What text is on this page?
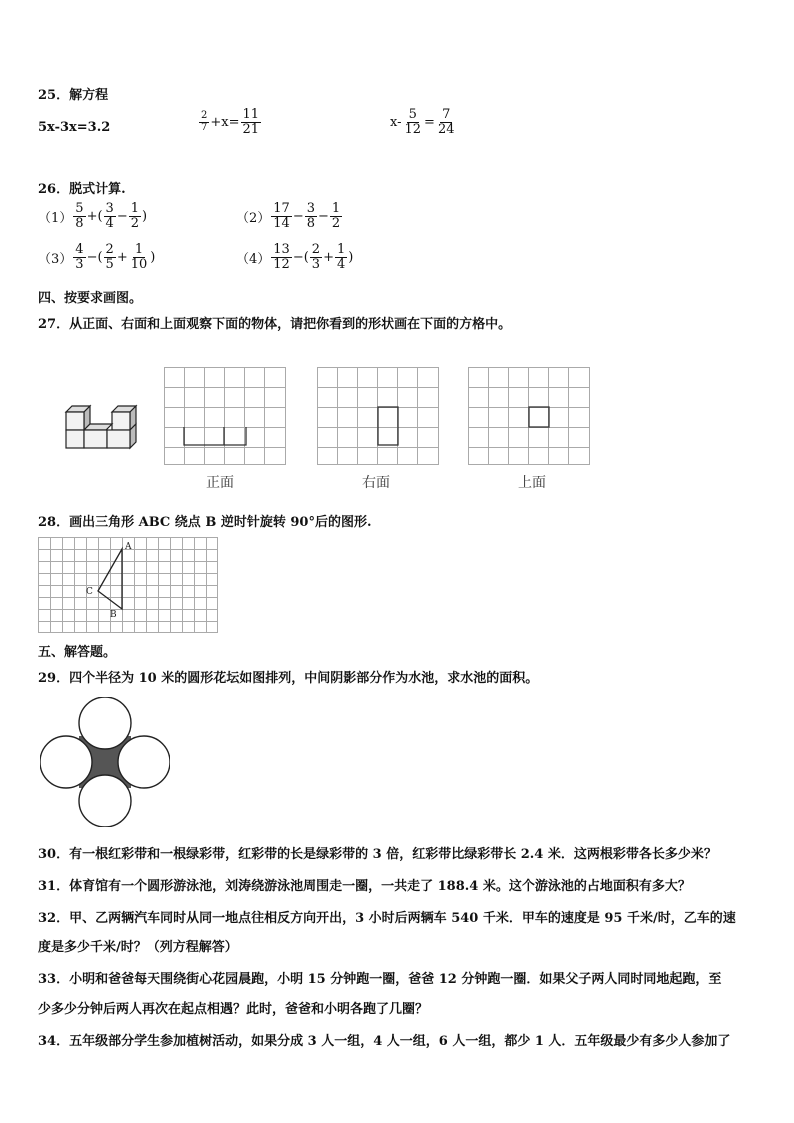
25．解方程
5x-3x=3.2	$\frac{2}{7} +x= \frac{11}{21}$	$x- \frac{5}{12} = \frac{7}{24}$
26．脱式计算.
$(1) \frac{5}{8}$ +( $\frac{3}{4} - \frac{1}{2}$ )	$(2) \frac{17}{14} - \frac{3}{8} - \frac{1}{2}$
$(3) \frac{4}{3}$ −( $\frac{2}{5} + \frac{1}{10}$ )	$(4) \frac{13}{12}$ −( $\frac{2}{3} + \frac{1}{4}$ )
四、按要求画图。
27．从正面、右面和上面观察下面的物体，请把你看到的形状画在下面的方格中。
正面	右面	上面
28．画出三角形 ABC 绕点 B 逆时针旋转 90°后的图形.
A
C
B
五、解答题。
29．四个半径为 10 米的圆形花坛如图排列，中间阴影部分作为水池，求水池的面积。
30．有一根红彩带和一根绿彩带，红彩带的长是绿彩带的 3 倍，红彩带比绿彩带长 2.4 米．这两根彩带各长多少米？
31．体育馆有一个圆形游泳池，刘涛绕游泳池周围走一圈，一共走了 188.4 米。这个游泳池的占地面积有多大？
32．甲、乙两辆汽车同时从同一地点往相反方向开出，3 小时后两辆车 540 千米．甲车的速度是 95 千米/时，乙车的速
度是多少千米/时？（列方程解答）
33．小明和爸爸每天围绕街心花园晨跑，小明 15 分钟跑一圈，爸爸 12 分钟跑一圈．如果父子两人同时同地起跑，至
少多少分钟后两人再次在起点相遇？此时，爸爸和小明各跑了几圈？
34．五年级部分学生参加植树活动，如果分成 3 人一组，4 人一组，6 人一组，都少 1 人．五年级最少有多少人参加了
